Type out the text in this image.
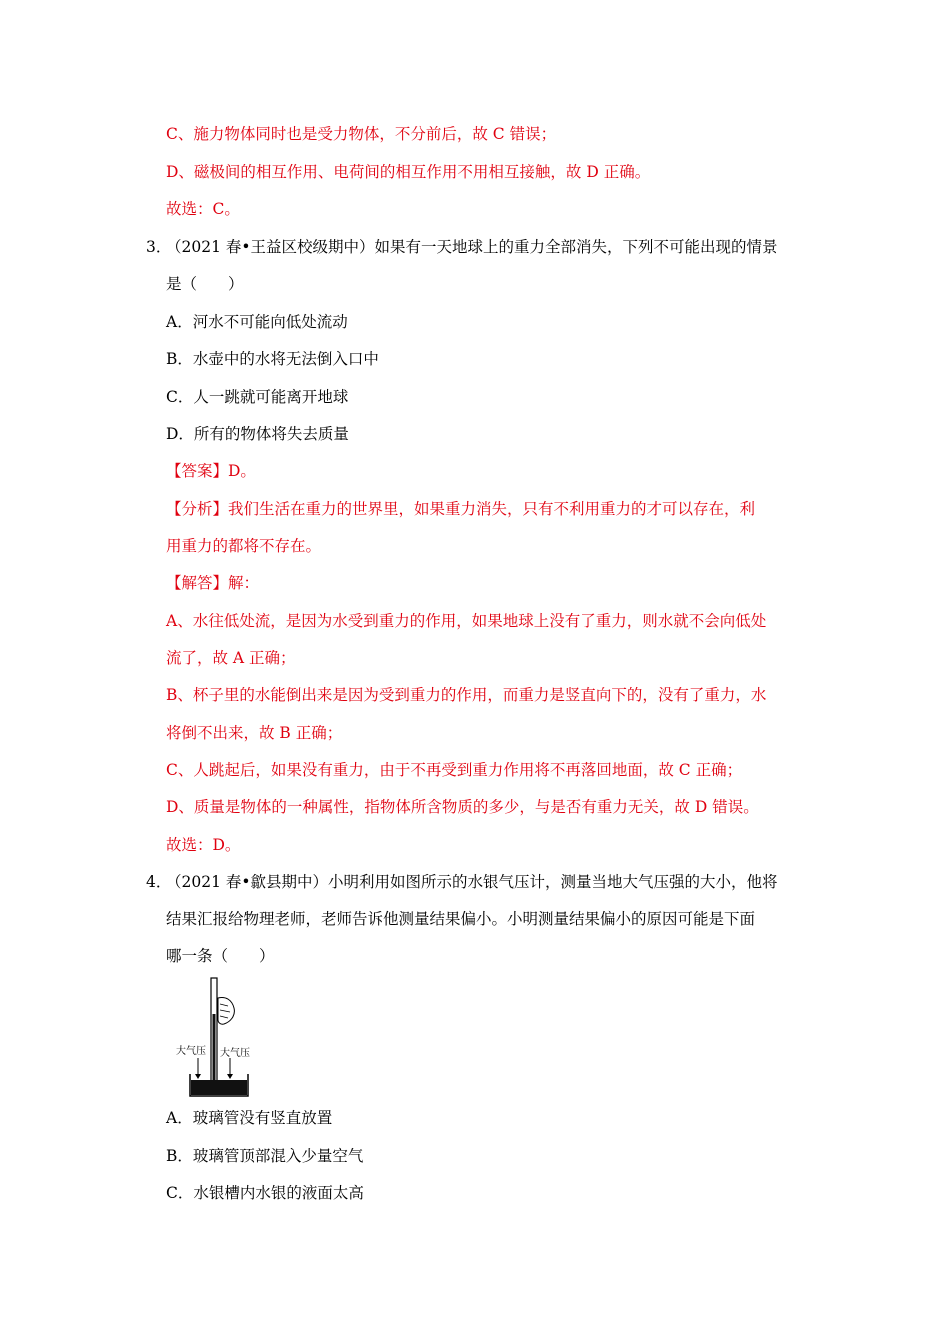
C、施力物体同时也是受力物体，不分前后，故 C 错误；
D、磁极间的相互作用、电荷间的相互作用不用相互接触，故 D 正确。
故选：C。
3．
（2021 春•王益区校级期中）如果有一天地球上的重力全部消失，下列不可能出现的情景
是（　　）
A．河水不可能向低处流动
B．水壶中的水将无法倒入口中
C．人一跳就可能离开地球
D．所有的物体将失去质量
【答案】D。
【分析】我们生活在重力的世界里，如果重力消失，只有不利用重力的才可以存在，利
用重力的都将不存在。
【解答】解：
A、水往低处流，是因为水受到重力的作用，如果地球上没有了重力，则水就不会向低处
流了，故 A 正确；
B、杯子里的水能倒出来是因为受到重力的作用，而重力是竖直向下的，没有了重力，水
将倒不出来，故 B 正确；
C、人跳起后，如果没有重力，由于不再受到重力作用将不再落回地面，故 C 正确；
D、质量是物体的一种属性，指物体所含物质的多少，与是否有重力无关，故 D 错误。
故选：D。
4．
（2021 春•歙县期中）小明利用如图所示的水银气压计，测量当地大气压强的大小，他将
结果汇报给物理老师，老师告诉他测量结果偏小。小明测量结果偏小的原因可能是下面
哪一条（　　）
大气压 大气压
A．玻璃管没有竖直放置
B．玻璃管顶部混入少量空气
C．水银槽内水银的液面太高
